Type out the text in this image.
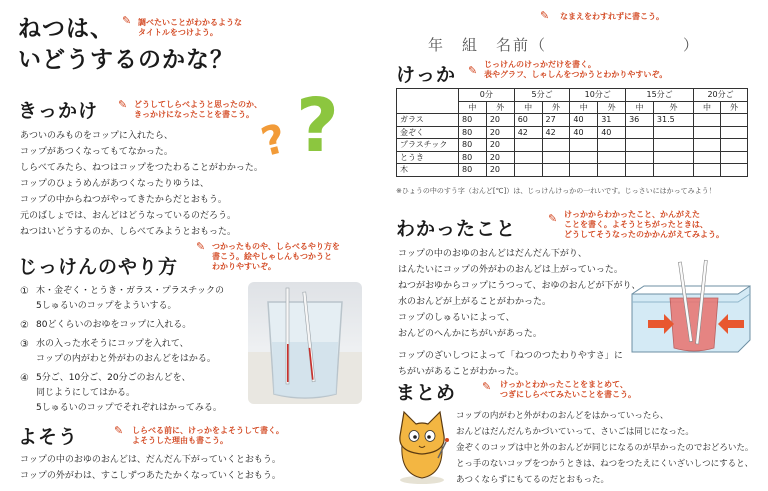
ねつは、
いどうするのかな？
✎ 調べたいことがわかるような
タイトルをつけよう。
? ?
きっかけ ✎ どうしてしらべようと思ったのか、
きっかけになったことを書こう。

あついのみものをコップに入れたら、

コップがあつくなってもてなかった。

しらべてみたら、ねつはコップをつたわることがわかった。

コップのひょうめんがあつくなったりゆうは、

コップの中からねつがやってきたからだとおもう。

元のばしょでは、おんどはどうなっているのだろう。

ねつはいどうするのか、しらべてみようとおもった。

じっけんのやり方
✎ つかったものや、しらべるやり方を
書こう。絵やしゃしんもつかうと
わかりやすいぞ。
① 木・金ぞく・とうき・ガラス・プラスチックの

5しゅるいのコップをよういする。

② 80どくらいのおゆをコップに入れる。

③ 水の入った水そうにコップを入れて、

コップの内がわと外がわのおんどをはかる。

④ 5分ご、10分ご、20分ごのおんどを、

同じようにしてはかる。

5しゅるいのコップでそれぞれはかってみる。

よそう	✎ しらべる前に、けっかをよそうして書く。
よそうした理由も書こう。

コップの中のおゆのおんどは、だんだん下がっていくとおもう。

コップの外がわは、すこしずつあたたかくなっていくとおもう。

✎ なまえをわすれずに書こう。
年　組　名前（　　　　　　　　）
けっか ✎ じっけんのけっかだけを書く。
表やグラフ、しゃしんをつかうとわかりやすいぞ。
	0分		5分ご		10分ご		15分ご		20分ご	
	中	外	中	外	中	外	中	外	中	外
ガラス	80	20	60	27	40	31	36	31.5		
金ぞく	80	20	42	42	40	40				
プラスチック	80	20								
とうき	80	20								
木	80	20								
※ひょうの中のすう字（おんど[℃]）は、じっけんけっかの一れいです。じっさいにはかってみよう！
わかったこと	✎ けっかからわかったこと、かんがえた
ことを書く。よそうとちがったときは、
どうしてそうなったのかかんがえてみよう。

コップの中のおゆのおんどはだんだん下がり、

はんたいにコップの外がわのおんどは上がっていった。

ねつがおゆからコップにうつって、おゆのおんどが下がり、

水のおんどが上がることがわかった。

コップのしゅるいによって、

おんどのへんかにちがいがあった。

コップのざいしつによって「ねつのつたわりやすさ」に

ちがいがあることがわかった。

まとめ ✎ けっかとわかったことをまとめて、
つぎにしらべてみたいことを書こう。

コップの内がわと外がわのおんどをはかっていったら、

おんどはだんだんちかづいていって、さいごは同じになった。

金ぞくのコップは中と外のおんどが同じになるのが早かったのでおどろいた。

とっ手のないコップをつかうときは、ねつをつたえにくいざいしつにすると、

あつくならずにもてるのだとおもった。
